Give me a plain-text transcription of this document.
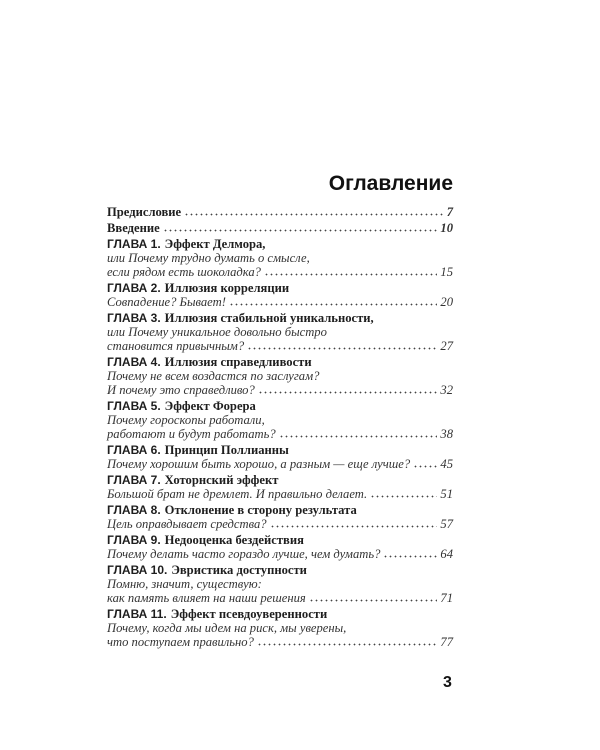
Оглавление
Предисловие	7
Введение	10
ГЛАВА 1. Эффект Делмора,
или Почему трудно думать о смысле,
если рядом есть шоколадка?	15
ГЛАВА 2. Иллюзия корреляции
Совпадение? Бывает!	20
ГЛАВА 3. Иллюзия стабильной уникальности,
или Почему уникальное довольно быстро
становится привычным?	27
ГЛАВА 4. Иллюзия справедливости
Почему не всем воздастся по заслугам?
И почему это справедливо?	32
ГЛАВА 5. Эффект Форера
Почему гороскопы работали,
работают и будут работать?	38
ГЛАВА 6. Принцип Поллианны
Почему хорошим быть хорошо, а разным — еще лучше? 45
ГЛАВА 7. Хоторнский эффект
Большой брат не дремлет. И правильно делает.	51
ГЛАВА 8. Отклонение в сторону результата
Цель оправдывает средства?	57
ГЛАВА 9. Недооценка бездействия
Почему делать часто гораздо лучше, чем думать?	64
ГЛАВА 10. Эвристика доступности
Помню, значит, существую:
как память влияет на наши решения	71
ГЛАВА 11. Эффект псевдоуверенности
Почему, когда мы идем на риск, мы уверены,
что поступаем правильно?	77
3
